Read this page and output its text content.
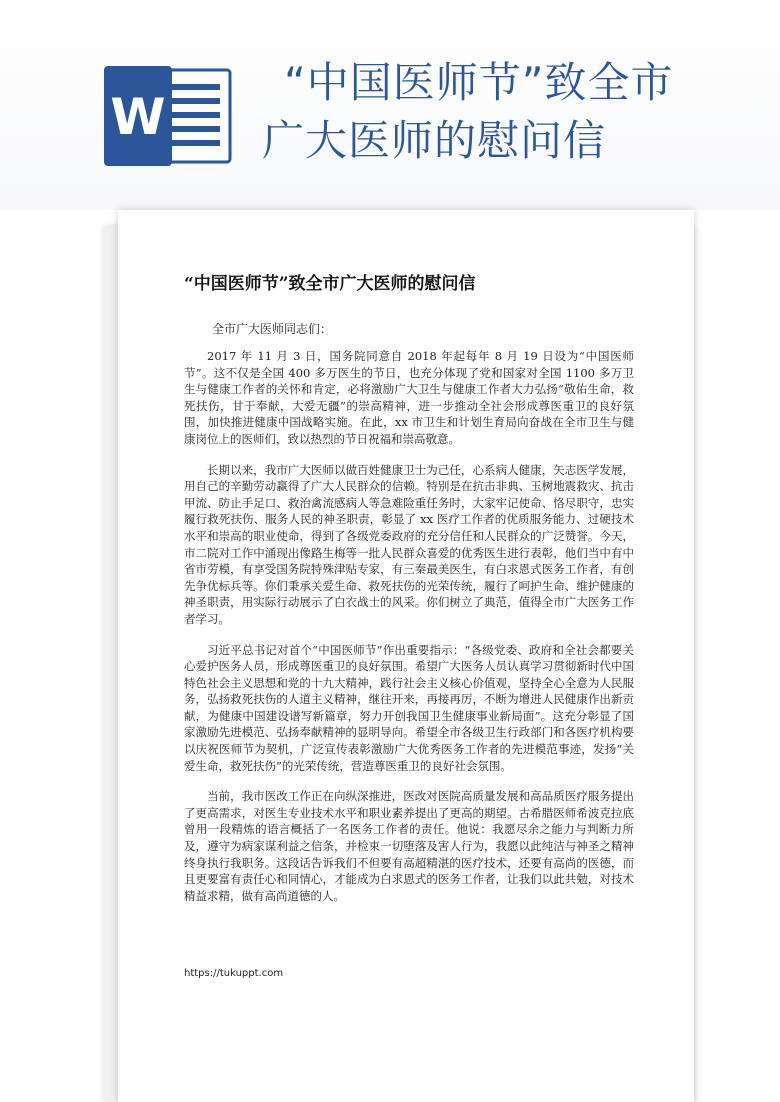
W
“中国医师节”致全市
广大医师的慰问信
“中国医师节”致全市广大医师的慰问信
全市广大医师同志们：

2017 年 11 月 3 日，国务院同意自 2018 年起每年 8 月 19 日设为“中国医师节”。这不仅是全国 400 多万医生的节日，也充分体现了党和国家对全国 1100 多万卫生与健康工作者的关怀和肯定，必将激励广大卫生与健康工作者大力弘扬“敬佑生命，救死扶伤，甘于奉献，大爱无疆”的崇高精神，进一步推动全社会形成尊医重卫的良好氛围，加快推进健康中国战略实施。在此，xx 市卫生和计划生育局向奋战在全市卫生与健康岗位上的医师们，致以热烈的节日祝福和崇高敬意。

长期以来，我市广大医师以做百姓健康卫士为己任，心系病人健康，矢志医学发展，用自己的辛勤劳动赢得了广大人民群众的信赖。特别是在抗击非典、玉树地震救灾、抗击甲流、防止手足口、救治禽流感病人等急难险重任务时，大家牢记使命、恪尽职守，忠实履行救死扶伤、服务人民的神圣职责，彰显了 xx 医疗工作者的优质服务能力、过硬技术水平和崇高的职业使命，得到了各级党委政府的充分信任和人民群众的广泛赞誉。今天，市二院对工作中涌现出像路生梅等一批人民群众喜爱的优秀医生进行表彰，他们当中有中省市劳模，有享受国务院特殊津贴专家，有三秦最美医生，有白求恩式医务工作者，有创先争优标兵等。你们秉承关爱生命、救死扶伤的光荣传统，履行了呵护生命、维护健康的神圣职责，用实际行动展示了白衣战士的风采。你们树立了典范，值得全市广大医务工作者学习。

习近平总书记对首个“中国医师节”作出重要指示：“各级党委、政府和全社会都要关心爱护医务人员，形成尊医重卫的良好氛围。希望广大医务人员认真学习贯彻新时代中国特色社会主义思想和党的十九大精神，践行社会主义核心价值观，坚持全心全意为人民服务，弘扬救死扶伤的人道主义精神，继往开来，再接再厉，不断为增进人民健康作出新贡献，为健康中国建设谱写新篇章，努力开创我国卫生健康事业新局面”。这充分彰显了国家激励先进模范、弘扬奉献精神的显明导向。希望全市各级卫生行政部门和各医疗机构要以庆祝医师节为契机，广泛宣传表彰激励广大优秀医务工作者的先进模范事迹，发扬“关爱生命，救死扶伤”的光荣传统，营造尊医重卫的良好社会氛围。

当前，我市医改工作正在向纵深推进，医改对医院高质量发展和高品质医疗服务提出了更高需求，对医生专业技术水平和职业素养提出了更高的期望。古希腊医师希波克拉底曾用一段精炼的语言概括了一名医务工作者的责任。他说：我愿尽余之能力与判断力所及，遵守为病家谋利益之信条，并检束一切堕落及害人行为，我愿以此纯洁与神圣之精神终身执行我职务。这段话告诉我们不但要有高超精湛的医疗技术，还要有高尚的医德，而且更要富有责任心和同情心，才能成为白求恩式的医务工作者，让我们以此共勉，对技术精益求精，做有高尚道德的人。

https://tukuppt.com
